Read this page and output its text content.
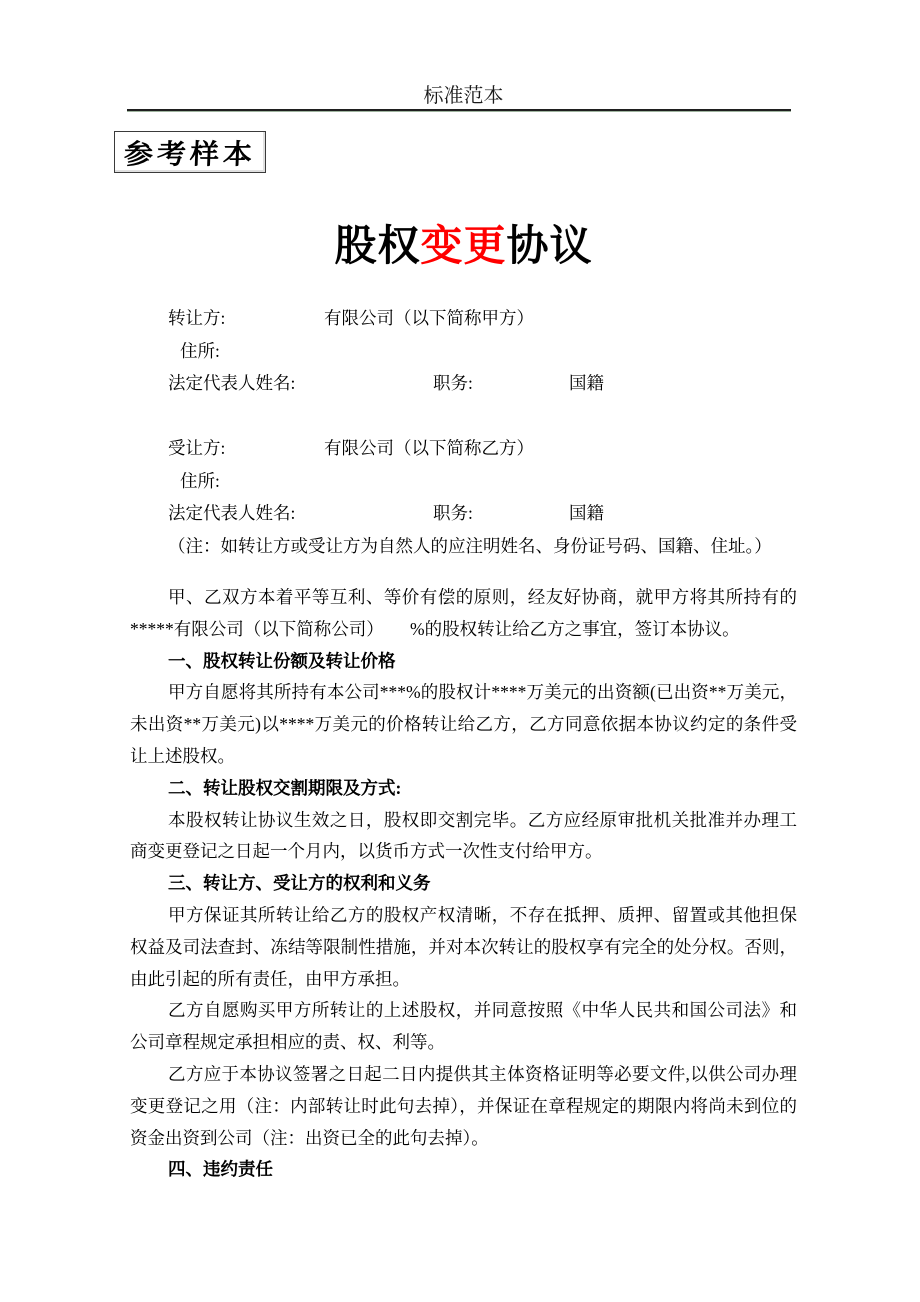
标准范本
参考样本
股权变更协议
转让方:	有限公司（以下简称甲方）
住所:
法定代表人姓名:	职务:	国籍
受让方:	有限公司（以下简称乙方）
住所:
法定代表人姓名:	职务:	国籍
（注：如转让方或受让方为自然人的应注明姓名、身份证号码、国籍、住址。）

甲、乙双方本着平等互利、等价有偿的原则，经友好协商，就甲方将其所持有的*****有限公司（以下简称公司）　　%的股权转让给乙方之事宜，签订本协议。

一、股权转让份额及转让价格

甲方自愿将其所持有本公司***%的股权计****万美元的出资额(已出资**万美元，未出资**万美元)以****万美元的价格转让给乙方，乙方同意依据本协议约定的条件受让上述股权。

二、转让股权交割期限及方式:

本股权转让协议生效之日，股权即交割完毕。乙方应经原审批机关批准并办理工商变更登记之日起一个月内，以货币方式一次性支付给甲方。

三、转让方、受让方的权利和义务

甲方保证其所转让给乙方的股权产权清晰，不存在抵押、质押、留置或其他担保权益及司法查封、冻结等限制性措施，并对本次转让的股权享有完全的处分权。否则，由此引起的所有责任，由甲方承担。

乙方自愿购买甲方所转让的上述股权，并同意按照《中华人民共和国公司法》和公司章程规定承担相应的责、权、利等。

乙方应于本协议签署之日起二日内提供其主体资格证明等必要文件,以供公司办理变更登记之用（注：内部转让时此句去掉），并保证在章程规定的期限内将尚未到位的资金出资到公司（注：出资已全的此句去掉）。

四、违约责任
